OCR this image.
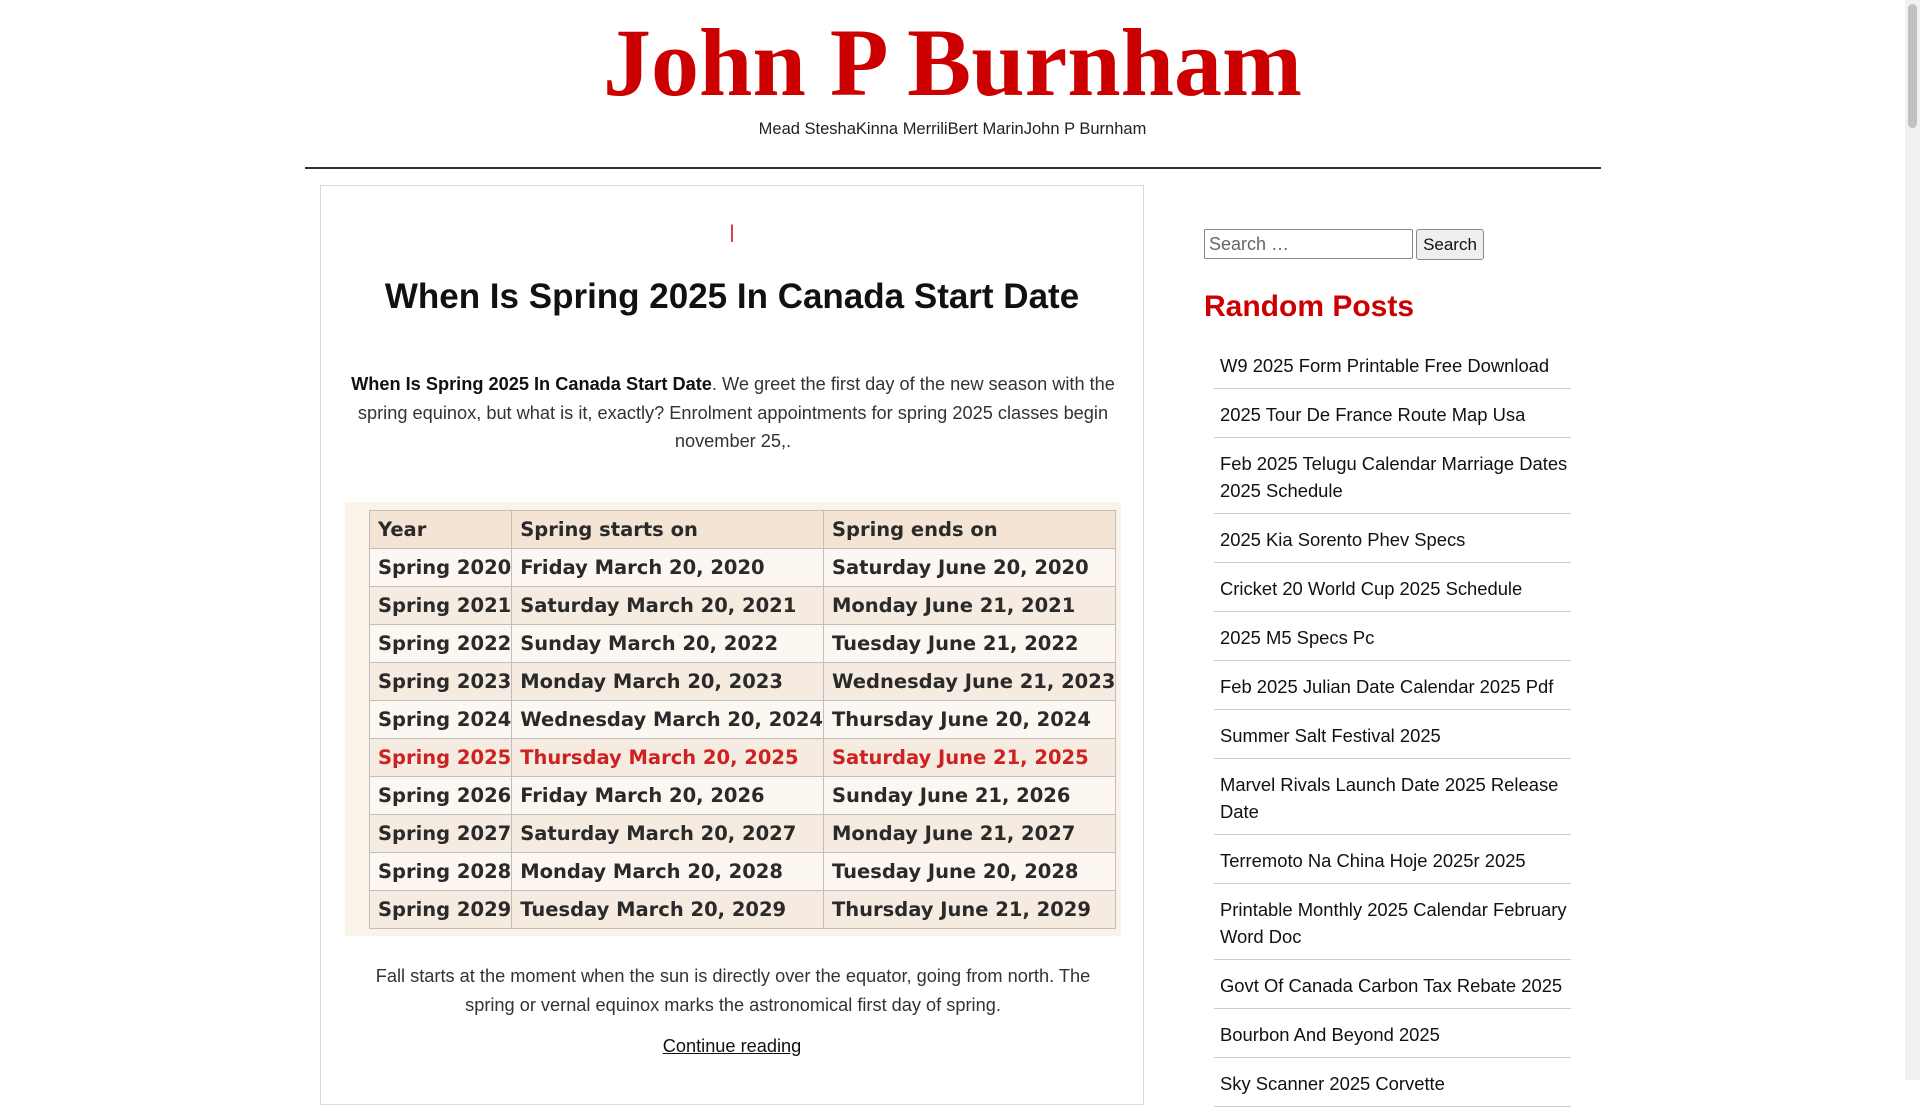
John P Burnham
Mead SteshaKinna MerriliBert MarinJohn P Burnham
|
When Is Spring 2025 In Canada Start Date

When Is Spring 2025 In Canada Start Date. We greet the first day of the new season with the spring equinox, but what is it, exactly? Enrolment appointments for spring 2025 classes begin november 25,.

Year	Spring starts on	Spring ends on
Spring 2020	Friday March 20, 2020	Saturday June 20, 2020
Spring 2021	Saturday March 20, 2021	Monday June 21, 2021
Spring 2022	Sunday March 20, 2022	Tuesday June 21, 2022
Spring 2023	Monday March 20, 2023	Wednesday June 21, 2023
Spring 2024	Wednesday March 20, 2024	Thursday June 20, 2024
Spring 2025	Thursday March 20, 2025	Saturday June 21, 2025
Spring 2026	Friday March 20, 2026	Sunday June 21, 2026
Spring 2027	Saturday March 20, 2027	Monday June 21, 2027
Spring 2028	Monday March 20, 2028	Tuesday June 20, 2028
Spring 2029	Tuesday March 20, 2029	Thursday June 21, 2029

Fall starts at the moment when the sun is directly over the equator, going from north. The spring or vernal equinox marks the astronomical first day of spring.

Continue reading
Search …
Search
Random Posts
W9 2025 Form Printable Free Download
2025 Tour De France Route Map Usa
Feb 2025 Telugu Calendar Marriage Dates 2025 Schedule
2025 Kia Sorento Phev Specs
Cricket 20 World Cup 2025 Schedule
2025 M5 Specs Pc
Feb 2025 Julian Date Calendar 2025 Pdf
Summer Salt Festival 2025
Marvel Rivals Launch Date 2025 Release Date
Terremoto Na China Hoje 2025r 2025
Printable Monthly 2025 Calendar February Word Doc
Govt Of Canada Carbon Tax Rebate 2025
Bourbon And Beyond 2025
Sky Scanner 2025 Corvette
